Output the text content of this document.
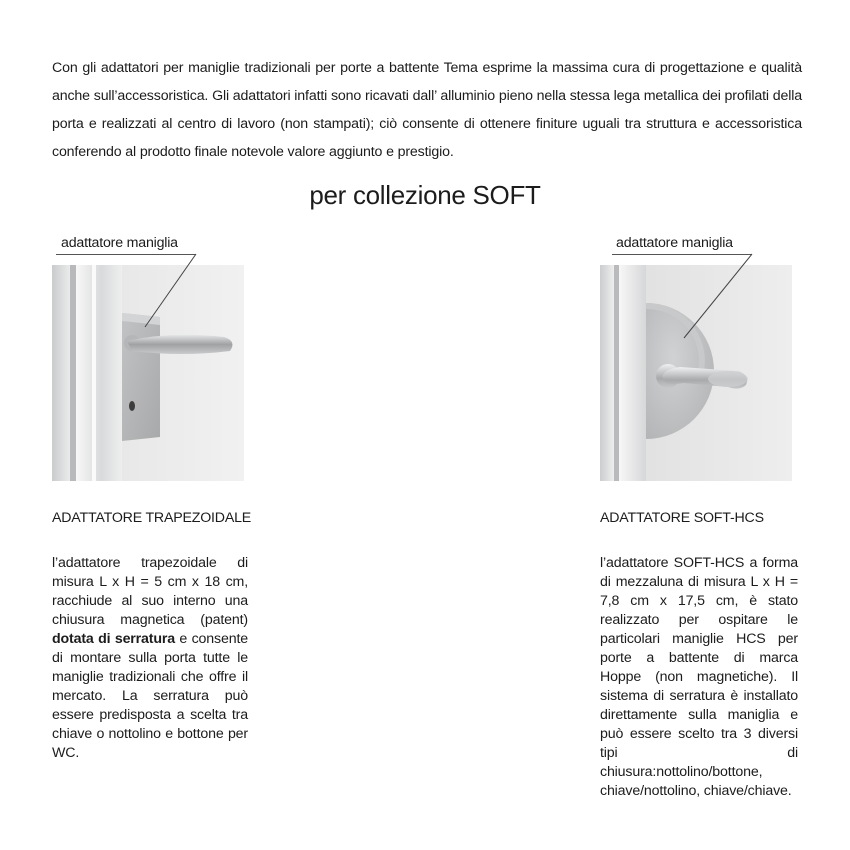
Con gli adattatori per maniglie tradizionali per porte a battente Tema esprime la massima cura di progettazione e qualità anche sull’accessoristica. Gli adattatori infatti sono ricavati dall’ alluminio pieno nella stessa lega metallica dei profilati della porta e realizzati al centro di lavoro (non stampati); ciò consente di ottenere finiture uguali tra struttura e accessoristica conferendo al prodotto finale notevole valore aggiunto e prestigio.

per collezione SOFT
adattatore maniglia

ADATTATORE TRAPEZOIDALE

l’adattatore trapezoidale di misura L x H = 5 cm x 18 cm, racchiude al suo interno una chiusura magnetica (patent) dotata di serratura e consente di montare sulla porta tutte le maniglie tradizionali che offre il mercato. La serratura può essere predisposta a scelta tra chiave o nottolino e bottone per WC.

adattatore maniglia

ADATTATORE SOFT-HCS

l’adattatore SOFT-HCS a forma di mezzaluna di misura L x H = 7,8 cm x 17,5 cm, è stato realizzato per ospitare le particolari maniglie HCS per porte a battente di marca Hoppe (non magnetiche). Il sistema di serratura è installato direttamente sulla maniglia e può essere scelto tra 3 diversi tipi di chiusura:nottolino/bottone, chiave/nottolino, chiave/chiave.
